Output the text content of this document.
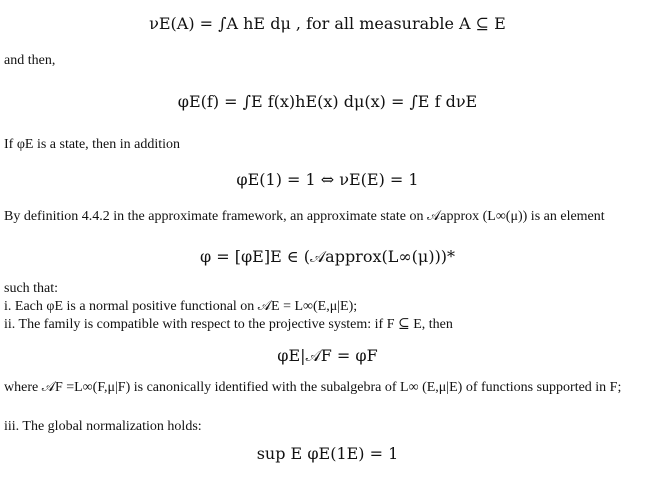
νE(A) = ∫A hE dμ , for all measurable A ⊆ E
and then,
φE(f) = ∫E f(x)hE(x) dμ(x) = ∫E f dνE
If φE is a state, then in addition
φE(1) = 1 ⇔ νE(E) = 1
By definition 4.4.2 in the approximate framework, an approximate state on 𝒜approx (L∞(μ)) is an element
φ = [φE]E ∈ (𝒜approx(L∞(μ)))*
such that:
i. Each φE is a normal positive functional on 𝒜E = L∞(E,μ|E);
ii. The family is compatible with respect to the projective system: if F ⊆ E, then
φE|𝒜F = φF
where 𝒜F =L∞(F,μ|F) is canonically identified with the subalgebra of L∞ (E,μ|E) of functions supported in F;
iii. The global normalization holds:
sup E φE(1E) = 1
